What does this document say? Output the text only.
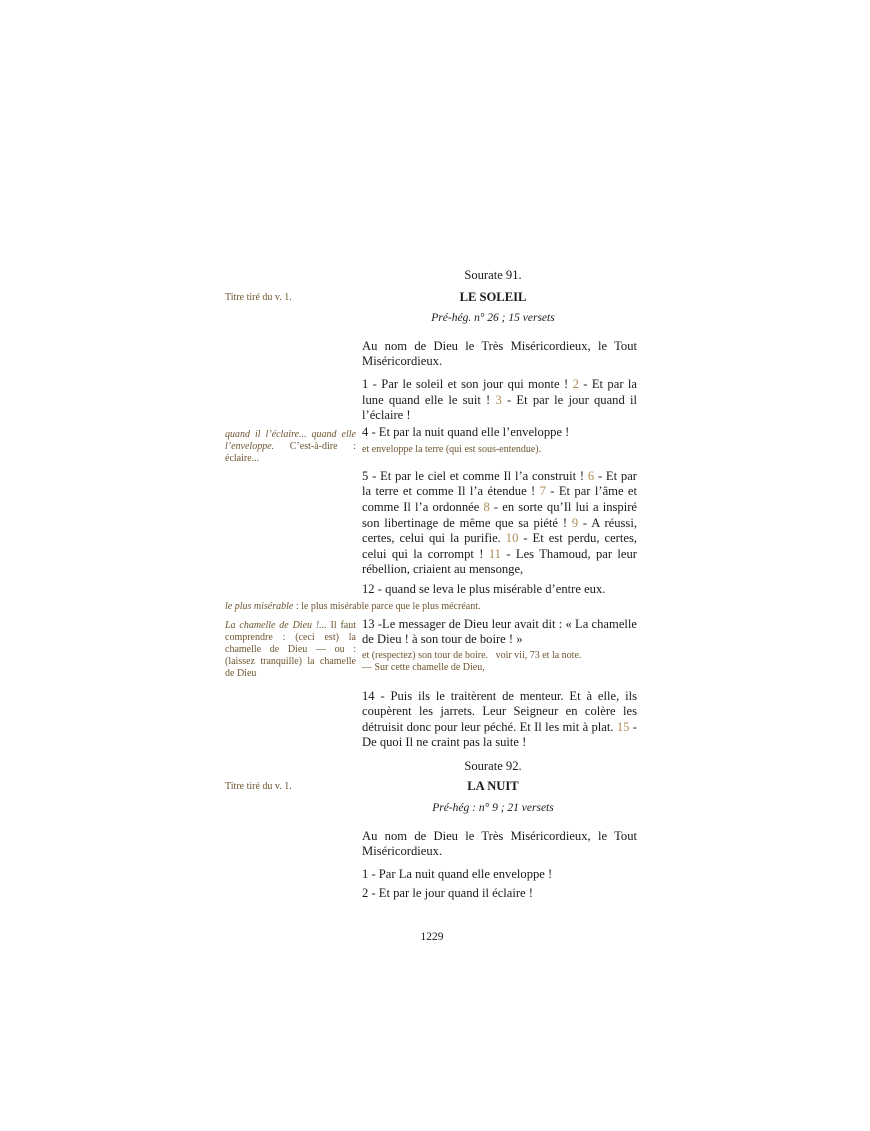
Sourate 91.
Titre tiré du v. 1.	LE SOLEIL
Pré-hég. n° 26 ; 15 versets
Au nom de Dieu le Très Miséricordieux, le Tout Miséricordieux.
1 - Par le soleil et son jour qui monte ! 2 - Et par la lune quand elle le suit ! 3 - Et par le jour quand il l’éclaire !
quand il l’éclaire... quand elle l’enveloppe. C’est-à-dire : éclaire...
4 - Et par la nuit quand elle l’enveloppe !
et enveloppe la terre (qui est sous-entendue).
5 - Et par le ciel et comme Il l’a construit ! 6 - Et par la terre et comme Il l’a étendue ! 7 - Et par l’âme et comme Il l’a ordonnée 8 - en sorte qu’Il lui a inspiré son libertinage de même que sa piété ! 9 - A réussi, certes, celui qui la purifie. 10 - Et est perdu, certes, celui qui la corrompt ! 11 - Les Thamoud, par leur rébellion, criaient au mensonge,
12 - quand se leva le plus misérable d’entre eux.
le plus misérable : le plus misérable parce que le plus mécréant.
La chamelle de Dieu !... Il faut comprendre : (ceci est) la chamelle de Dieu — ou : (laissez tranquille) la chamelle de Dieu
13 -Le messager de Dieu leur avait dit : « La chamelle de Dieu ! à son tour de boire ! »
et (respectez) son tour de boire. voir vii, 73 et la note.
— Sur cette chamelle de Dieu,
14 - Puis ils le traitèrent de menteur. Et à elle, ils coupèrent les jarrets. Leur Seigneur en colère les détruisit donc pour leur péché. Et Il les mit à plat. 15 - De quoi Il ne craint pas la suite !
Sourate 92.
Titre tiré du v. 1.	LA NUIT
Pré-hég : n° 9 ; 21 versets
Au nom de Dieu le Très Miséricordieux, le Tout Miséricordieux.
1 - Par La nuit quand elle enveloppe !
2 - Et par le jour quand il éclaire !
1229
